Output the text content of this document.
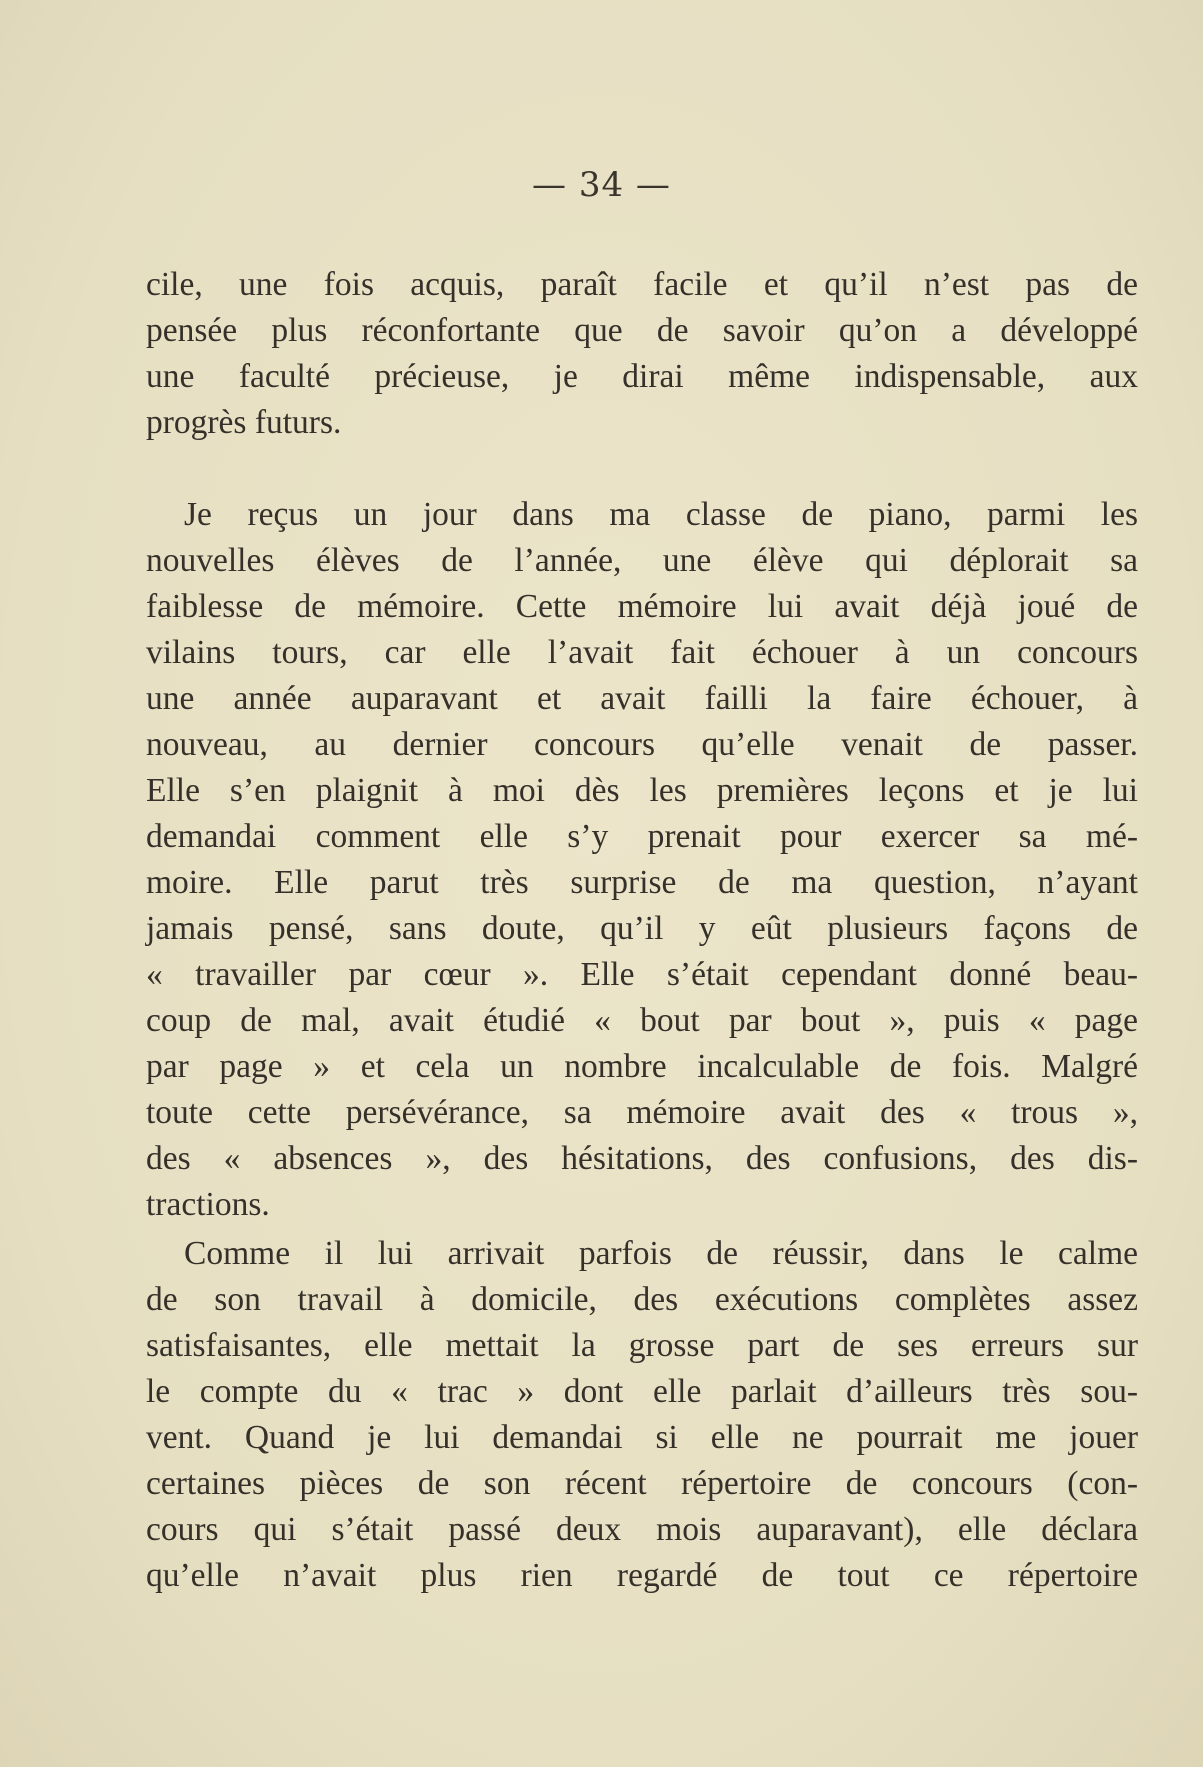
— 34 —
cile, une fois acquis, paraît facile et qu’il n’est pas de
pensée plus réconfortante que de savoir qu’on a développé
une faculté précieuse, je dirai même indispensable, aux
progrès futurs.
Je reçus un jour dans ma classe de piano, parmi les
nouvelles élèves de l’année, une élève qui déplorait sa
faiblesse de mémoire. Cette mémoire lui avait déjà joué de
vilains tours, car elle l’avait fait échouer à un concours
une année auparavant et avait failli la faire échouer, à
nouveau, au dernier concours qu’elle venait de passer.
Elle s’en plaignit à moi dès les premières leçons et je lui
demandai comment elle s’y prenait pour exercer sa mé-
moire. Elle parut très surprise de ma question, n’ayant
jamais pensé, sans doute, qu’il y eût plusieurs façons de
« travailler par cœur ». Elle s’était cependant donné beau-
coup de mal, avait étudié « bout par bout », puis « page
par page » et cela un nombre incalculable de fois. Malgré
toute cette persévérance, sa mémoire avait des « trous »,
des « absences », des hésitations, des confusions, des dis-
tractions.
Comme il lui arrivait parfois de réussir, dans le calme
de son travail à domicile, des exécutions complètes assez
satisfaisantes, elle mettait la grosse part de ses erreurs sur
le compte du « trac » dont elle parlait d’ailleurs très sou-
vent. Quand je lui demandai si elle ne pourrait me jouer
certaines pièces de son récent répertoire de concours (con-
cours qui s’était passé deux mois auparavant), elle déclara
qu’elle n’avait plus rien regardé de tout ce répertoire
